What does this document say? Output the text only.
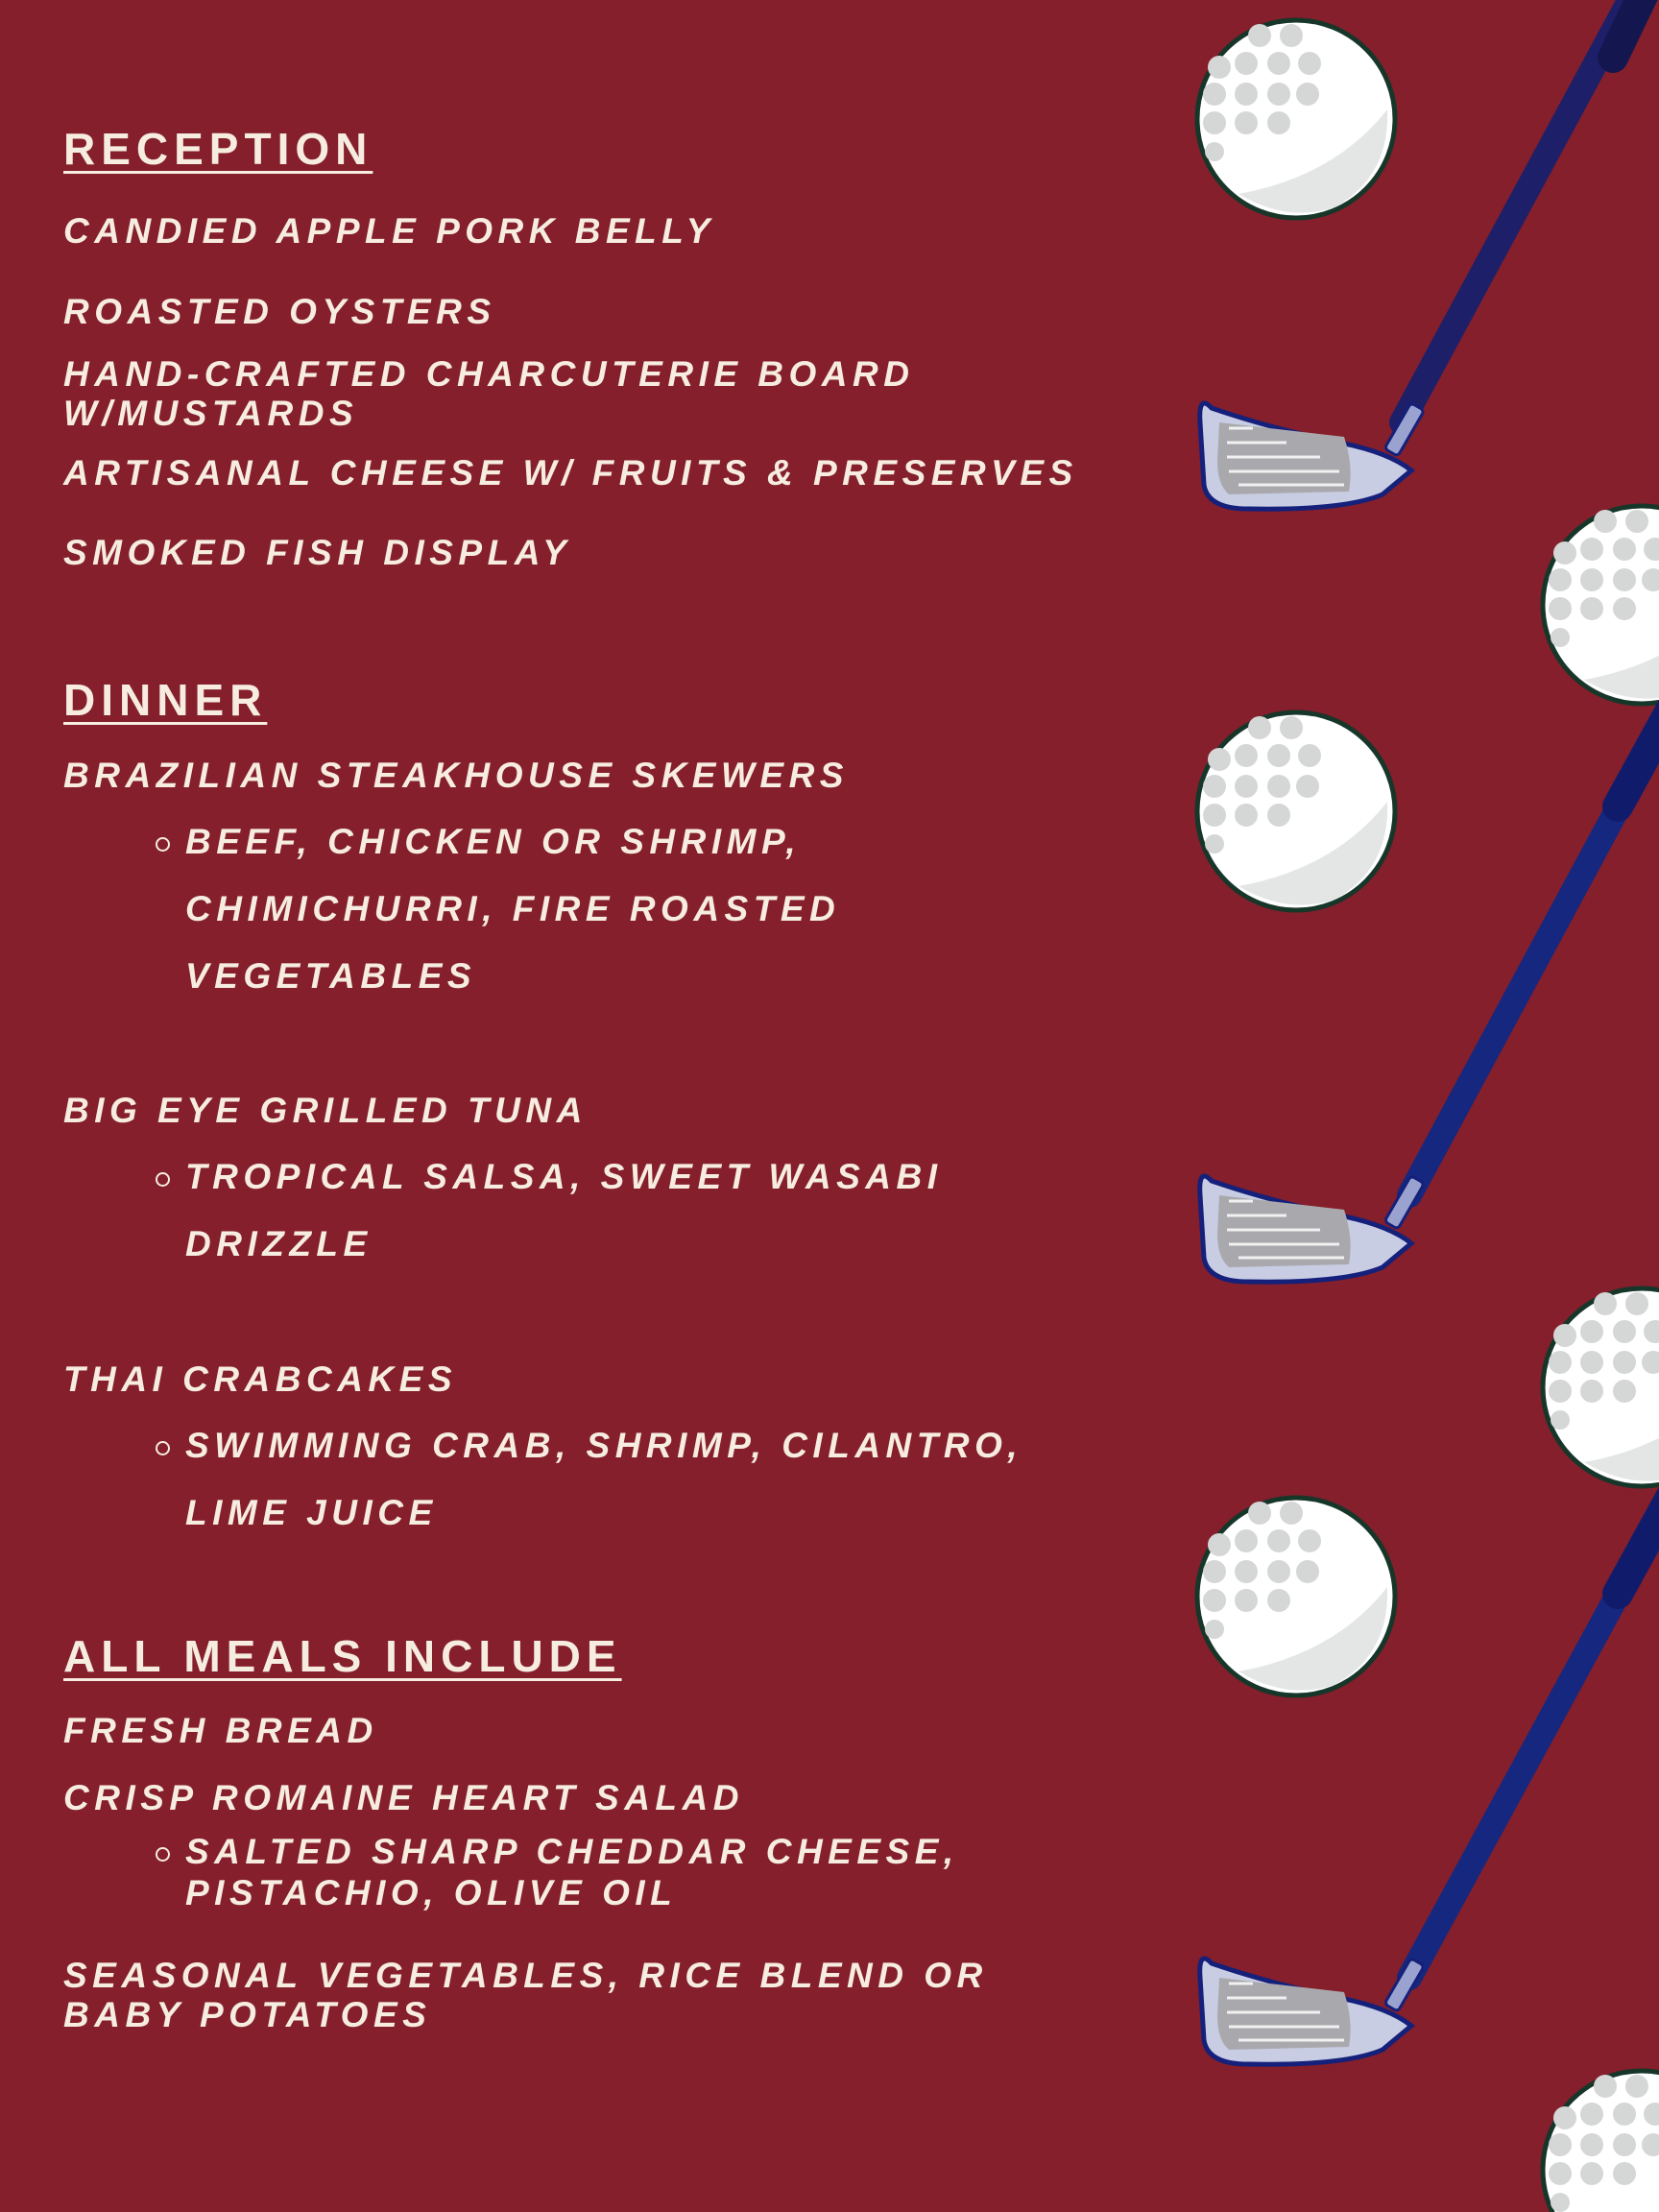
RECEPTION

CANDIED APPLE PORK BELLY

ROASTED OYSTERS

HAND-CRAFTED CHARCUTERIE BOARD

W/MUSTARDS

ARTISANAL CHEESE W/ FRUITS & PRESERVES

SMOKED FISH DISPLAY

DINNER

BRAZILIAN STEAKHOUSE SKEWERS

BEEF, CHICKEN OR SHRIMP,

CHIMICHURRI, FIRE ROASTED

VEGETABLES

BIG EYE GRILLED TUNA

TROPICAL SALSA, SWEET WASABI

DRIZZLE

THAI CRABCAKES

SWIMMING CRAB, SHRIMP, CILANTRO,

LIME JUICE

ALL MEALS INCLUDE

FRESH BREAD

CRISP ROMAINE HEART SALAD

SALTED SHARP CHEDDAR CHEESE,

PISTACHIO, OLIVE OIL

SEASONAL VEGETABLES, RICE BLEND OR

BABY POTATOES
